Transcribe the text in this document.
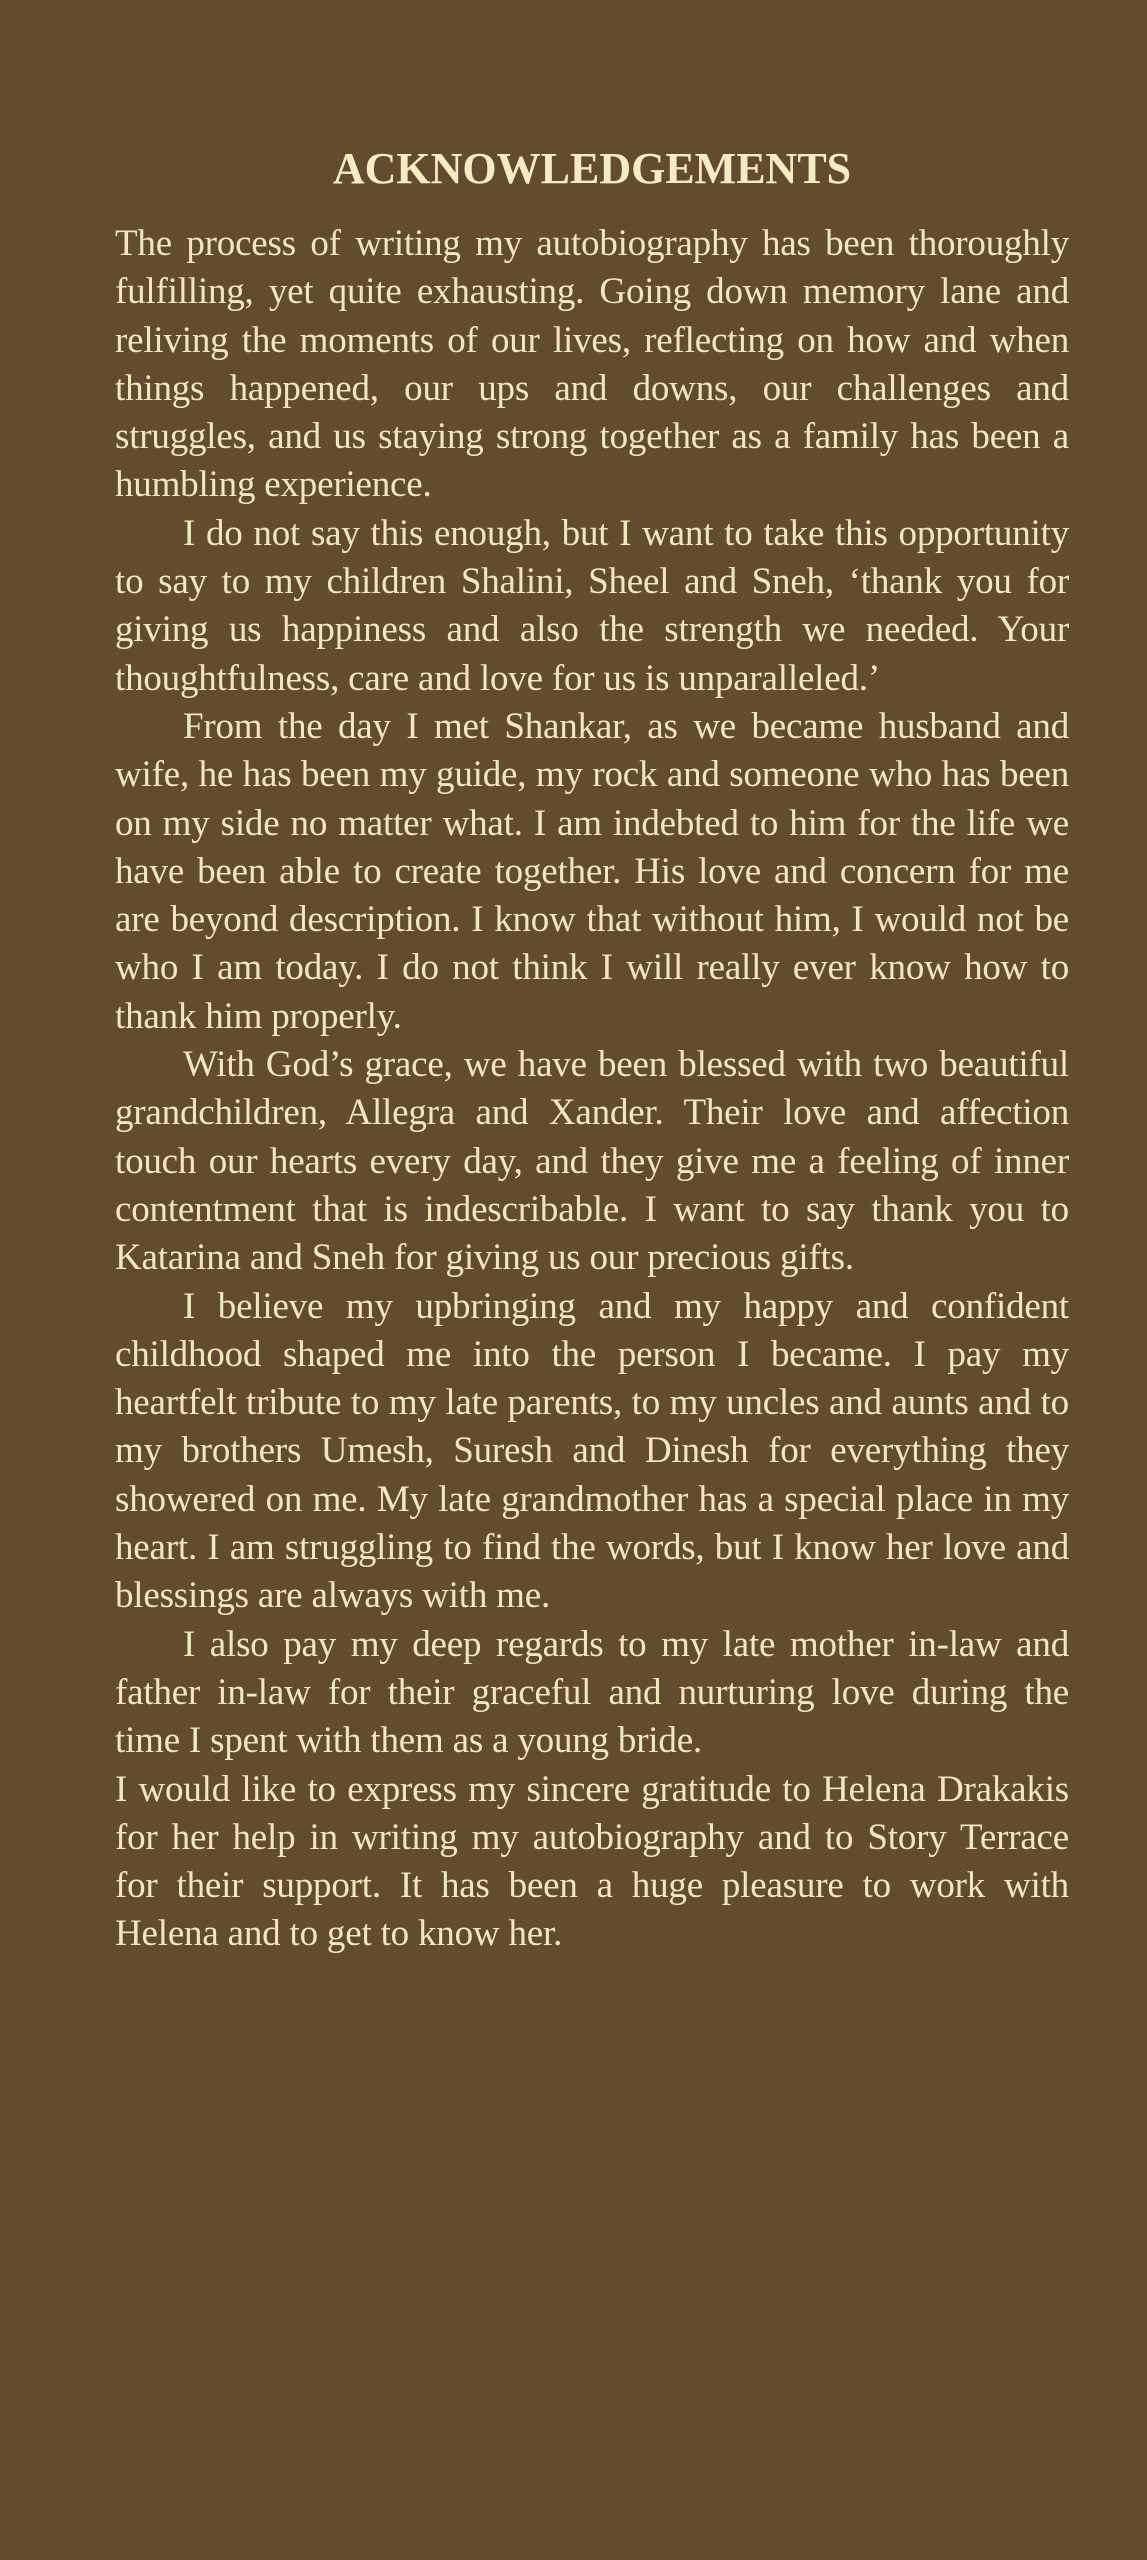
ACKNOWLEDGEMENTS

The process of writing my autobiography has been thoroughly fulfilling, yet quite exhausting. Going down memory lane and reliving the moments of our lives, reflecting on how and when things happened, our ups and downs, our challenges and struggles, and us staying strong together as a family has been a humbling experience.

I do not say this enough, but I want to take this opportunity to say to my children Shalini, Sheel and Sneh, ‘thank you for giving us happiness and also the strength we needed. Your thoughtfulness, care and love for us is unparalleled.’

From the day I met Shankar, as we became husband and wife, he has been my guide, my rock and someone who has been on my side no matter what. I am indebted to him for the life we have been able to create together. His love and concern for me are beyond description. I know that without him, I would not be who I am today. I do not think I will really ever know how to thank him properly.

With God’s grace, we have been blessed with two beautiful grandchildren, Allegra and Xander. Their love and affection touch our hearts every day, and they give me a feeling of inner contentment that is indescribable. I want to say thank you to Katarina and Sneh for giving us our precious gifts.

I believe my upbringing and my happy and confident childhood shaped me into the person I became. I pay my heartfelt tribute to my late parents, to my uncles and aunts and to my brothers Umesh, Suresh and Dinesh for everything they showered on me. My late grandmother has a special place in my heart. I am struggling to find the words, but I know her love and blessings are always with me.

I also pay my deep regards to my late mother in-law and father in-law for their graceful and nurturing love during the time I spent with them as a young bride.

I would like to express my sincere gratitude to Helena Drakakis for her help in writing my autobiography and to Story Terrace for their support. It has been a huge pleasure to work with Helena and to get to know her.
